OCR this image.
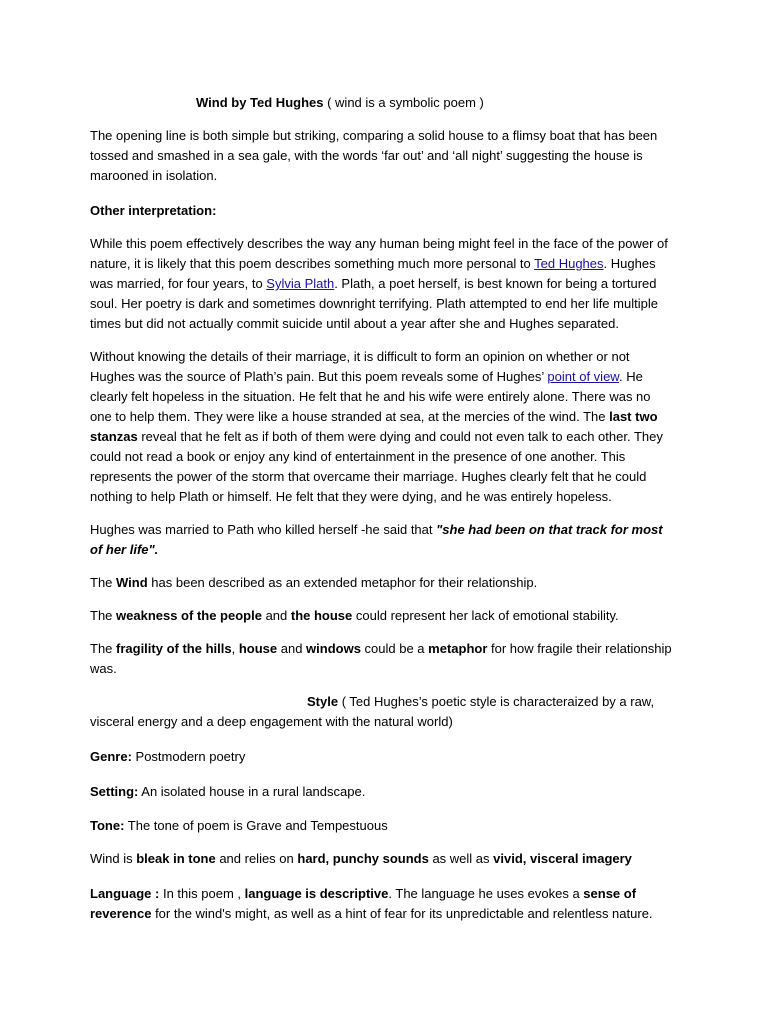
Wind by Ted Hughes ( wind is a symbolic poem )

The opening line is both simple but striking, comparing a solid house to a flimsy boat that has been tossed and smashed in a sea gale, with the words ‘far out’ and ‘all night’ suggesting the house is marooned in isolation.

Other interpretation:

While this poem effectively describes the way any human being might feel in the face of the power of nature, it is likely that this poem describes something much more personal to Ted Hughes. Hughes was married, for four years, to Sylvia Plath. Plath, a poet herself, is best known for being a tortured soul. Her poetry is dark and sometimes downright terrifying. Plath attempted to end her life multiple times but did not actually commit suicide until about a year after she and Hughes separated.

Without knowing the details of their marriage, it is difficult to form an opinion on whether or not Hughes was the source of Plath’s pain. But this poem reveals some of Hughes’ point of view. He clearly felt hopeless in the situation. He felt that he and his wife were entirely alone. There was no one to help them. They were like a house stranded at sea, at the mercies of the wind. The last two stanzas reveal that he felt as if both of them were dying and could not even talk to each other. They could not read a book or enjoy any kind of entertainment in the presence of one another. This represents the power of the storm that overcame their marriage. Hughes clearly felt that he could nothing to help Plath or himself. He felt that they were dying, and he was entirely hopeless.

Hughes was married to Path who killed herself -he said that "she had been on that track for most of her life".

The Wind has been described as an extended metaphor for their relationship.

The weakness of the people and the house could represent her lack of emotional stability.

The fragility of the hills, house and windows could be a metaphor for how fragile their relationship was.

Style ( Ted Hughes’s poetic style is characteraized by a raw, visceral energy and a deep engagement with the natural world)

Genre: Postmodern poetry

Setting: An isolated house in a rural landscape.

Tone: The tone of poem is Grave and Tempestuous

Wind is bleak in tone and relies on hard, punchy sounds as well as vivid, visceral imagery

Language : In this poem , language is descriptive. The language he uses evokes a sense of reverence for the wind's might, as well as a hint of fear for its unpredictable and relentless nature.
